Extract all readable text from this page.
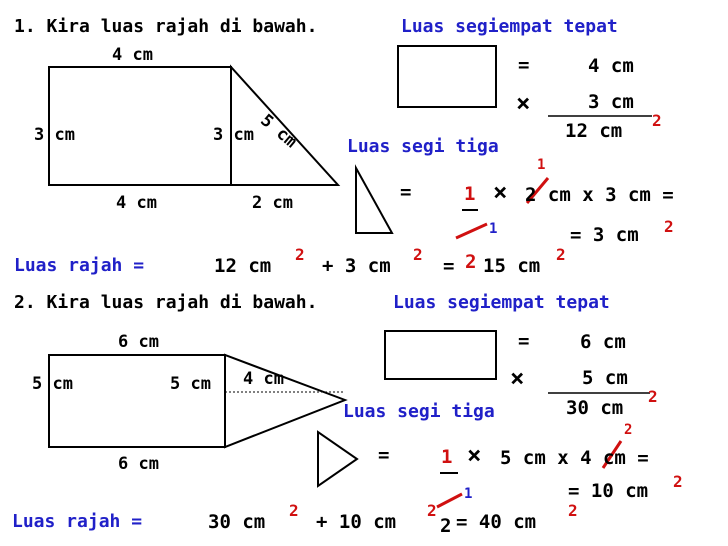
1. Kira luas rajah di bawah.	Luas segiempat tepat
4 cm
3 cm	3 cm 5 cm
4 cm	2 cm
=	4 cm
×	3 cm
12 cm 2
Luas segi tiga
1
=	1 × 2 cm x 3 cm =
1	= 3 cm 2
Luas rajah =	12 cm
2
+ 3 cm
2
= 2 15 cm
2
2. Kira luas rajah di bawah.	Luas segiempat tepat
6 cm
5 cm	5 cm 4 cm
6 cm
=	6 cm
×	5 cm
30 cm
2
Luas segi tiga
2
=	1 × 5 cm x 4 cm =
1	= 10 cm 2
Luas rajah =	30 cm
2
+ 10 cm
2
2 = 40 cm
2
